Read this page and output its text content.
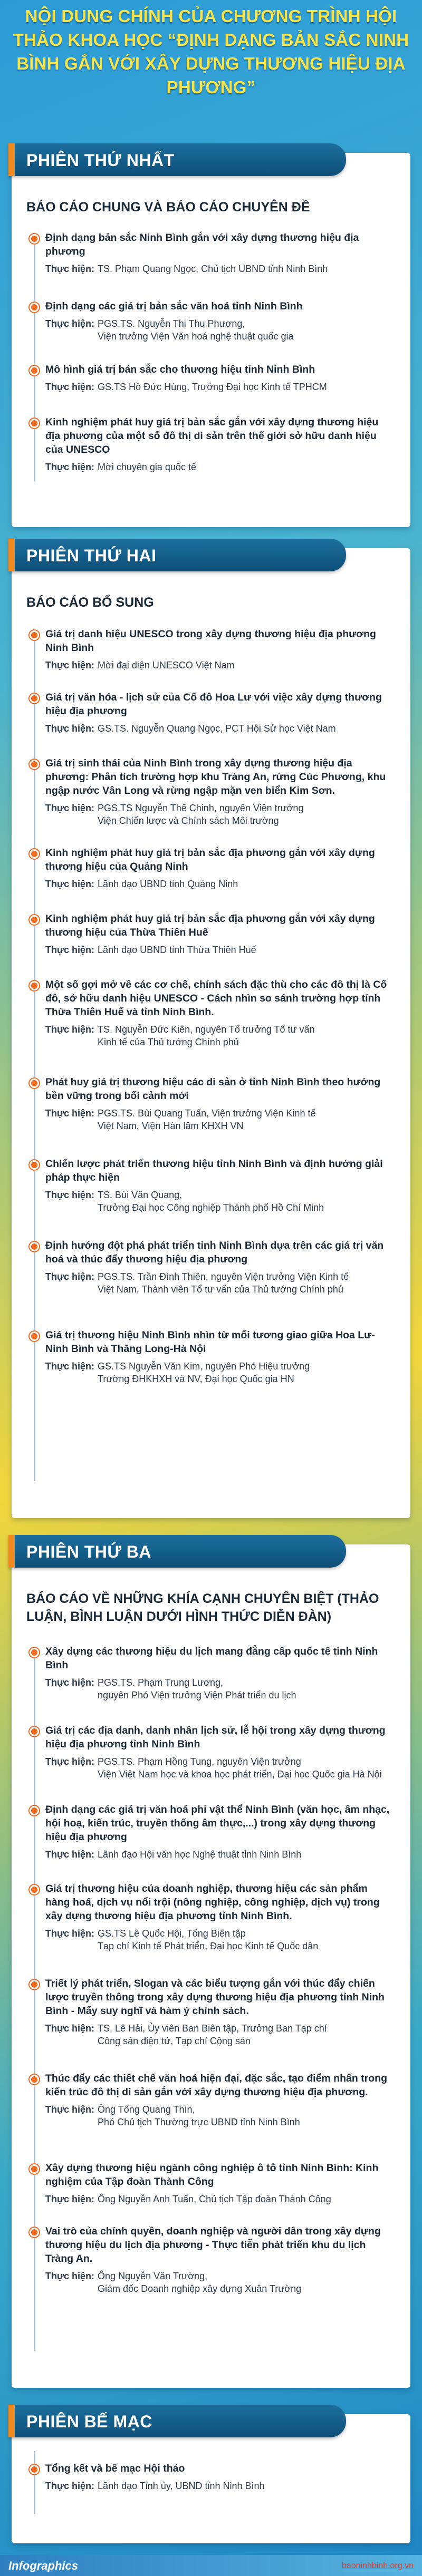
NỘI DUNG CHÍNH CỦA CHƯƠNG TRÌNH HỘI THẢO KHOA HỌC “ĐỊNH DẠNG BẢN SẮC NINH BÌNH GẮN VỚI XÂY DỰNG THƯƠNG HIỆU ĐỊA PHƯƠNG”
PHIÊN THỨ NHẤT
BÁO CÁO CHUNG VÀ BÁO CÁO CHUYÊN ĐỀ
Định dạng bản sắc Ninh Bình gắn với xây dựng thương hiệu địa phương
Thực hiện: TS. Phạm Quang Ngọc, Chủ tịch UBND tỉnh Ninh Bình
Định dạng các giá trị bản sắc văn hoá tỉnh Ninh Bình
Thực hiện: PGS.TS. Nguyễn Thị Thu Phương,
Viện trưởng Viện Văn hoá nghệ thuật quốc gia
Mô hình giá trị bản sắc cho thương hiệu tỉnh Ninh Bình
Thực hiện: GS.TS Hồ Đức Hùng, Trưởng Đại học Kinh tế TPHCM
Kinh nghiệm phát huy giá trị bản sắc gắn với xây dựng thương hiệu địa phương của một số đô thị di sản trên thế giới sở hữu danh hiệu của UNESCO
Thực hiện: Mời chuyên gia quốc tế
PHIÊN THỨ HAI
BÁO CÁO BỔ SUNG
Giá trị danh hiệu UNESCO trong xây dựng thương hiệu địa phương Ninh Bình
Thực hiện: Mời đại diện UNESCO Việt Nam
Giá trị văn hóa - lịch sử của Cố đô Hoa Lư với việc xây dựng thương hiệu địa phương
Thực hiện: GS.TS. Nguyễn Quang Ngọc, PCT Hội Sử học Việt Nam
Giá trị sinh thái của Ninh Bình trong xây dựng thương hiệu địa phương: Phân tích trường hợp khu Tràng An, rừng Cúc Phương, khu ngập nước Vân Long và rừng ngập mặn ven biển Kim Sơn.
Thực hiện: PGS.TS Nguyễn Thế Chinh, nguyên Viện trưởng
Viện Chiến lược và Chính sách Môi trường
Kinh nghiệm phát huy giá trị bản sắc địa phương gắn với xây dựng thương hiệu của Quảng Ninh
Thực hiện: Lãnh đạo UBND tỉnh Quảng Ninh
Kinh nghiệm phát huy giá trị bản sắc địa phương gắn với xây dựng thương hiệu của Thừa Thiên Huế
Thực hiện: Lãnh đạo UBND tỉnh Thừa Thiên Huế
Một số gợi mở về các cơ chế, chính sách đặc thù cho các đô thị là Cố đô, sở hữu danh hiệu UNESCO - Cách nhìn so sánh trường hợp tỉnh Thừa Thiên Huế và tỉnh Ninh Bình.
Thực hiện: TS. Nguyễn Đức Kiên, nguyên Tổ trưởng Tổ tư vấn
Kinh tế của Thủ tướng Chính phủ
Phát huy giá trị thương hiệu các di sản ở tỉnh Ninh Bình theo hướng bền vững trong bối cảnh mới
Thực hiện: PGS.TS. Bùi Quang Tuấn, Viện trưởng Viện Kinh tế
Việt Nam, Viện Hàn lâm KHXH VN
Chiến lược phát triển thương hiệu tỉnh Ninh Bình và định hướng giải pháp thực hiện
Thực hiện: TS. Bùi Văn Quang,
Trưởng Đại học Công nghiệp Thành phố Hồ Chí Minh
Định hướng đột phá phát triển tỉnh Ninh Bình dựa trên các giá trị văn hoá và thúc đẩy thương hiệu địa phương
Thực hiện: PGS.TS. Trần Đình Thiên, nguyên Viện trưởng Viện Kinh tế
Việt Nam, Thành viên Tổ tư vấn của Thủ tướng Chính phủ
Giá trị thương hiệu Ninh Bình nhìn từ mối tương giao giữa Hoa Lư-Ninh Bình và Thăng Long-Hà Nội
Thực hiện: GS.TS Nguyễn Văn Kim, nguyên Phó Hiệu trưởng
Trường ĐHKHXH và NV, Đại học Quốc gia HN
PHIÊN THỨ BA
BÁO CÁO VỀ NHỮNG KHÍA CẠNH CHUYÊN BIỆT (THẢO LUẬN, BÌNH LUẬN DƯỚI HÌNH THỨC DIỄN ĐÀN)
Xây dựng các thương hiệu du lịch mang đẳng cấp quốc tế tỉnh Ninh Bình
Thực hiện: PGS.TS. Phạm Trung Lương,
nguyên Phó Viện trưởng Viện Phát triển du lịch
Giá trị các địa danh, danh nhân lịch sử, lễ hội trong xây dựng thương hiệu địa phương tỉnh Ninh Bình
Thực hiện: PGS.TS. Phạm Hồng Tung, nguyên Viện trưởng
Viện Việt Nam học và khoa học phát triển, Đại học Quốc gia Hà Nội
Định dạng các giá trị văn hoá phi vật thể Ninh Bình (văn học, âm nhạc, hội hoạ, kiến trúc, truyền thống âm thực,...) trong xây dựng thương hiệu địa phương
Thực hiện: Lãnh đạo Hội văn học Nghệ thuật tỉnh Ninh Bình
Giá trị thương hiệu của doanh nghiệp, thương hiệu các sản phẩm hàng hoá, dịch vụ nổi trội (nông nghiệp, công nghiệp, dịch vụ) trong xây dựng thương hiệu địa phương tỉnh Ninh Bình.
Thực hiện: GS.TS Lê Quốc Hội, Tổng Biên tập
Tạp chí Kinh tế Phát triển, Đại học Kinh tế Quốc dân
Triết lý phát triển, Slogan và các biểu tượng gắn với thúc đẩy chiến lược truyền thông trong xây dựng thương hiệu địa phương tỉnh Ninh Bình - Mấy suy nghĩ và hàm ý chính sách.
Thực hiện: TS. Lê Hải, Ủy viên Ban Biên tập, Trưởng Ban Tạp chí
Công sản điện tử, Tạp chí Cộng sản
Thúc đẩy các thiết chế văn hoá hiện đại, đặc sắc, tạo điểm nhấn trong kiến trúc đô thị di sản gắn với xây dựng thương hiệu địa phương.
Thực hiện: Ông Tống Quang Thìn,
Phó Chủ tịch Thường trực UBND tỉnh Ninh Bình
Xây dựng thương hiệu ngành công nghiệp ô tô tỉnh Ninh Bình: Kinh nghiệm của Tập đoàn Thành Công
Thực hiện: Ông Nguyễn Anh Tuấn, Chủ tịch Tập đoàn Thành Công
Vai trò của chính quyền, doanh nghiệp và người dân trong xây dựng thương hiệu du lịch địa phương - Thực tiễn phát triển khu du lịch Tràng An.
Thực hiện: Ông Nguyễn Văn Trường,
Giám đốc Doanh nghiệp xây dựng Xuân Trường
PHIÊN BẾ MẠC
Tổng kết và bế mạc Hội thảo
Thực hiện: Lãnh đạo Tỉnh ủy, UBND tỉnh Ninh Bình
Infographics	baoninhbinh.org.vn
